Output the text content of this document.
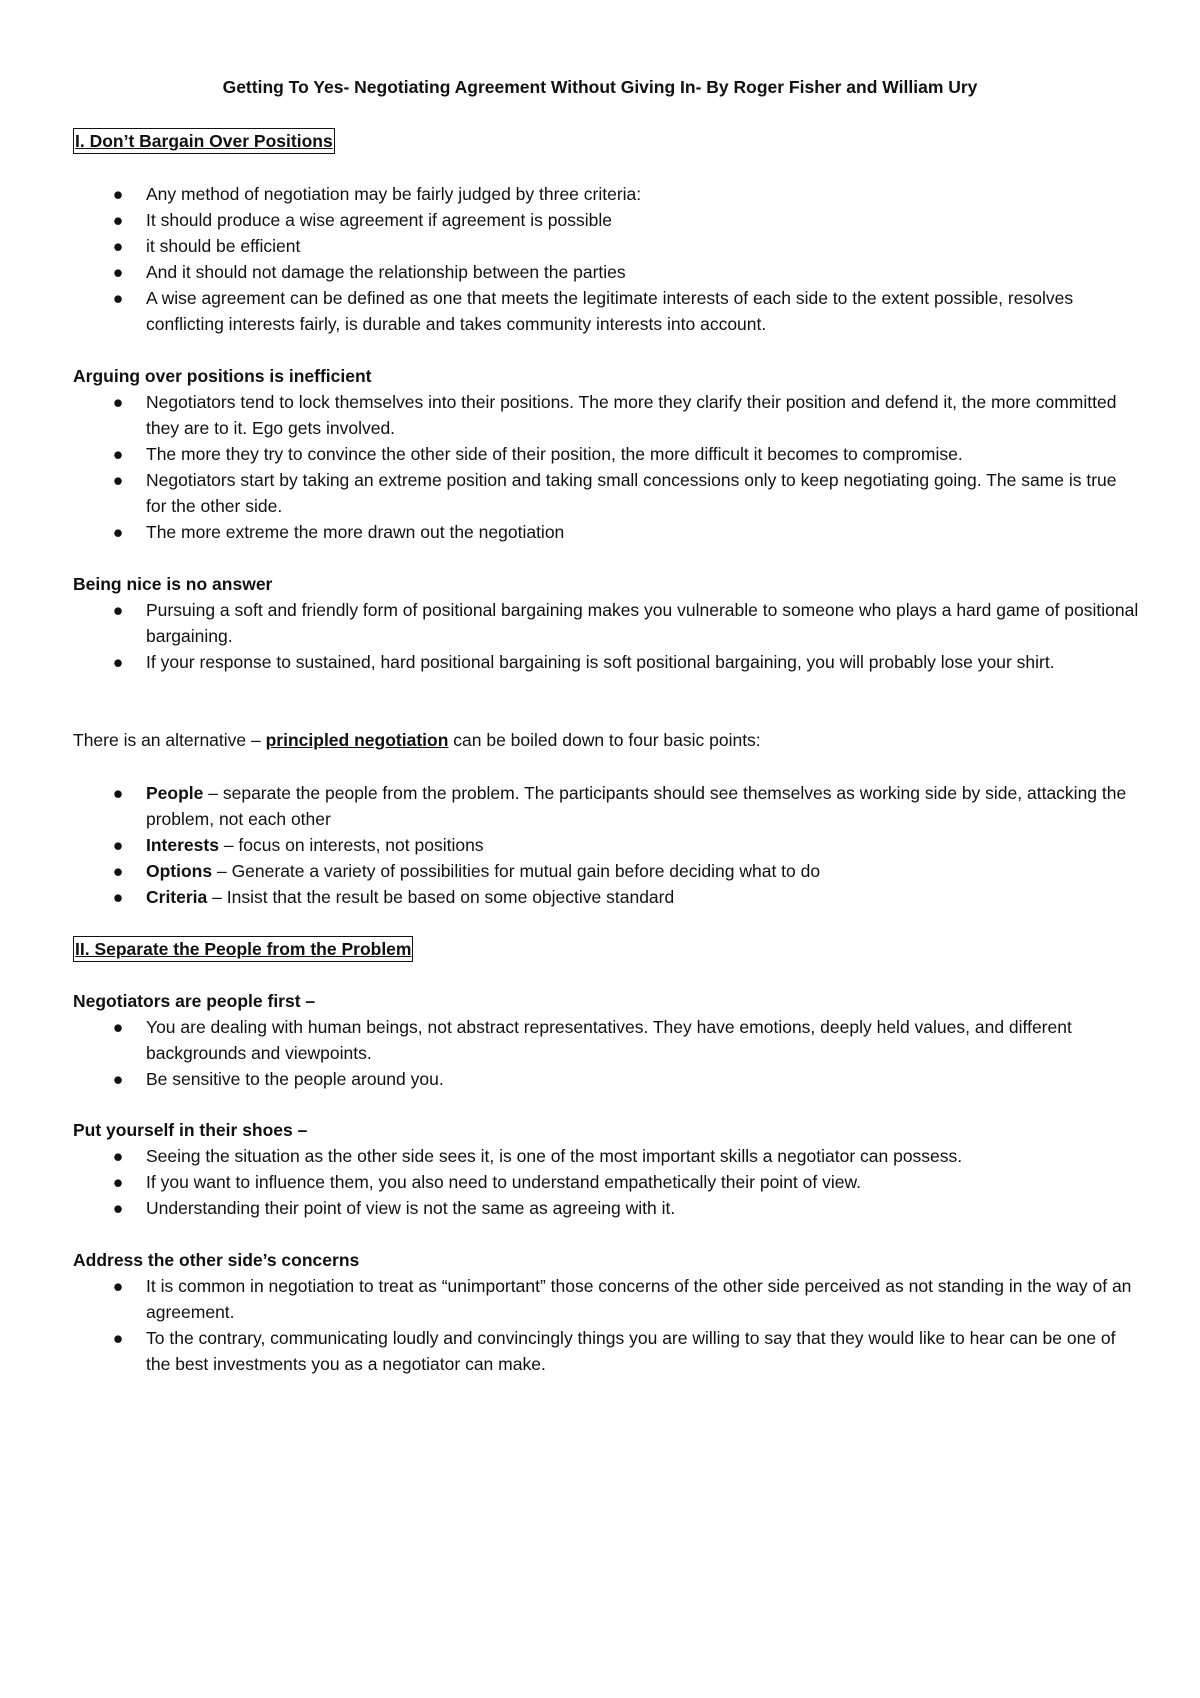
Getting To Yes- Negotiating Agreement Without Giving In- By Roger Fisher and William Ury
I. Don’t Bargain Over Positions
● Any method of negotiation may be fairly judged by three criteria:
● It should produce a wise agreement if agreement is possible
● it should be efficient
● And it should not damage the relationship between the parties
● A wise agreement can be defined as one that meets the legitimate interests of each side to the extent possible, resolves conflicting interests fairly, is durable and takes community interests into account.
Arguing over positions is inefficient
● Negotiators tend to lock themselves into their positions. The more they clarify their position and defend it, the more committed they are to it. Ego gets involved.
● The more they try to convince the other side of their position, the more difficult it becomes to compromise.
● Negotiators start by taking an extreme position and taking small concessions only to keep negotiating going. The same is true for the other side.
● The more extreme the more drawn out the negotiation
Being nice is no answer
● Pursuing a soft and friendly form of positional bargaining makes you vulnerable to someone who plays a hard game of positional bargaining.
● If your response to sustained, hard positional bargaining is soft positional bargaining, you will probably lose your shirt.
There is an alternative – principled negotiation can be boiled down to four basic points:
● People – separate the people from the problem. The participants should see themselves as working side by side, attacking the problem, not each other
● Interests – focus on interests, not positions
● Options – Generate a variety of possibilities for mutual gain before deciding what to do
● Criteria – Insist that the result be based on some objective standard
II. Separate the People from the Problem
Negotiators are people first –
● You are dealing with human beings, not abstract representatives. They have emotions, deeply held values, and different backgrounds and viewpoints.
● Be sensitive to the people around you.
Put yourself in their shoes –
● Seeing the situation as the other side sees it, is one of the most important skills a negotiator can possess.
● If you want to influence them, you also need to understand empathetically their point of view.
● Understanding their point of view is not the same as agreeing with it.
Address the other side’s concerns
● It is common in negotiation to treat as “unimportant” those concerns of the other side perceived as not standing in the way of an agreement.
● To the contrary, communicating loudly and convincingly things you are willing to say that they would like to hear can be one of the best investments you as a negotiator can make.
